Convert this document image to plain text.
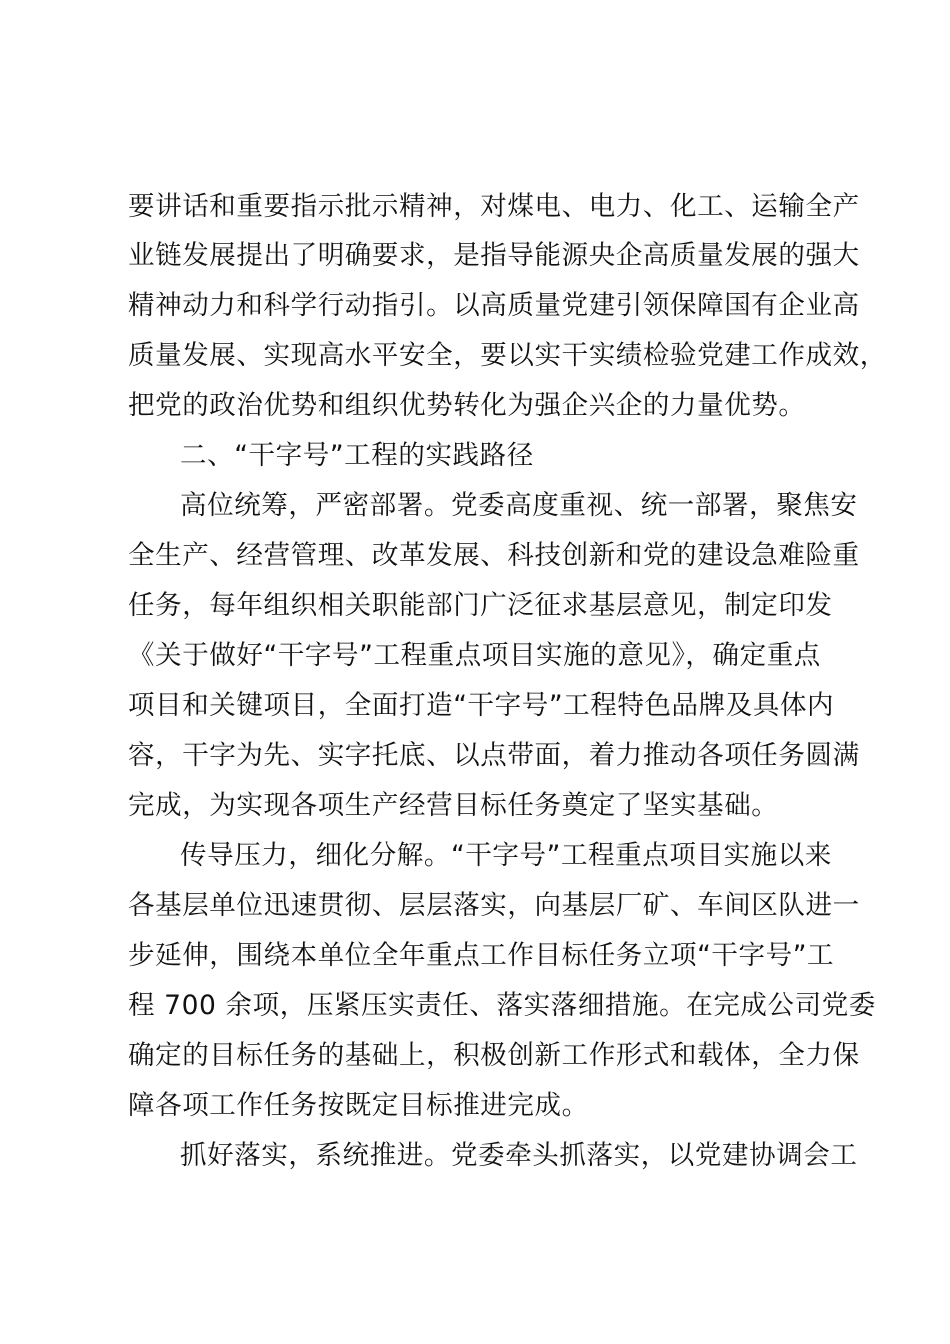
要讲话和重要指示批示精神，对煤电、电力、化工、运输全产
业链发展提出了明确要求，是指导能源央企高质量发展的强大
精神动力和科学行动指引。以高质量党建引领保障国有企业高
质量发展、实现高水平安全，要以实干实绩检验党建工作成效，
把党的政治优势和组织优势转化为强企兴企的力量优势。
二、“干字号”工程的实践路径
高位统筹，严密部署。党委高度重视、统一部署，聚焦安
全生产、经营管理、改革发展、科技创新和党的建设急难险重
任务，每年组织相关职能部门广泛征求基层意见，制定印发
《关于做好“干字号”工程重点项目实施的意见》，确定重点
项目和关键项目，全面打造“干字号”工程特色品牌及具体内
容，干字为先、实字托底、以点带面，着力推动各项任务圆满
完成，为实现各项生产经营目标任务奠定了坚实基础。
传导压力，细化分解。“干字号”工程重点项目实施以来
各基层单位迅速贯彻、层层落实，向基层厂矿、车间区队进一
步延伸，围绕本单位全年重点工作目标任务立项“干字号”工
程 700 余项，压紧压实责任、落实落细措施。在完成公司党委
确定的目标任务的基础上，积极创新工作形式和载体，全力保
障各项工作任务按既定目标推进完成。
抓好落实，系统推进。党委牵头抓落实，以党建协调会工
